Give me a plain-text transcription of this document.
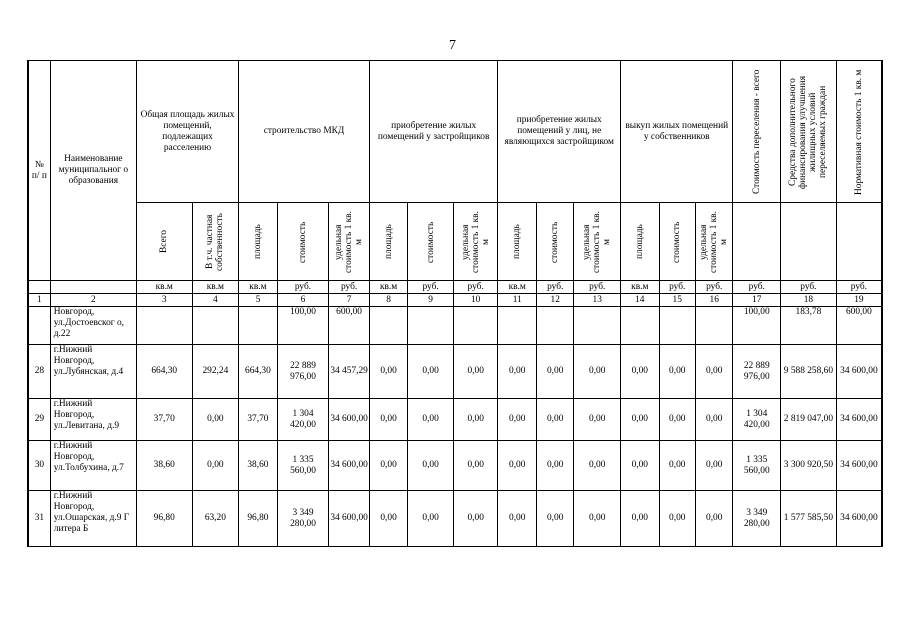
7
№ п/ п	Наименование муниципальног о образования	Общая площадь жилых помещений, подлежащих расселению		строительство МКД			приобретение жилых помещений у застройщиков			приобретение жилых помещений у лиц, не являющихся застройщиком			выкуп жилых помещений у собственников			Стоимость переселения - всего	Средства дополнительного финансирования улучшения жилищных условий переселяемых граждан	Нормативная стоимость 1 кв. м

		Всего	В т.ч. частная собственность	площадь	стоимость	удельная стоимость 1 кв. м	площадь	стоимость	удельная стоимость 1 кв. м	площадь	стоимость	удельная стоимость 1 кв. м	площадь	стоимость	удельная стоимость 1 кв. м			

		кв.м	кв.м	кв.м	руб.	руб.	кв.м	руб.	руб.	кв.м	руб.	руб.	кв.м	руб.	руб.	руб.	руб.	руб.
1	2	3	4	5	6	7	8	9	10	11	12	13	14	15	16	17	18	19
	Новгород, ул.Достоевског о, д.22				100,00	600,00										100,00	183,78	600,00
28	г.Нижний Новгород, ул.Лубянская, д.4	664,30	292,24	664,30	22 889 976,00	34 457,29	0,00	0,00	0,00	0,00	0,00	0,00	0,00	0,00	0,00	22 889 976,00	9 588 258,60	34 600,00
29	г.Нижний Новгород, ул.Левитана, д.9	37,70	0,00	37,70	1 304 420,00	34 600,00	0,00	0,00	0,00	0,00	0,00	0,00	0,00	0,00	0,00	1 304 420,00	2 819 047,00	34 600,00
30	г.Нижний Новгород, ул.Толбухина, д.7	38,60	0,00	38,60	1 335 560,00	34 600,00	0,00	0,00	0,00	0,00	0,00	0,00	0,00	0,00	0,00	1 335 560,00	3 300 920,50	34 600,00
31	г.Нижний Новгород, ул.Ошарская, д.9 Г литера Б	96,80	63,20	96,80	3 349 280,00	34 600,00	0,00	0,00	0,00	0,00	0,00	0,00	0,00	0,00	0,00	3 349 280,00	1 577 585,50	34 600,00
